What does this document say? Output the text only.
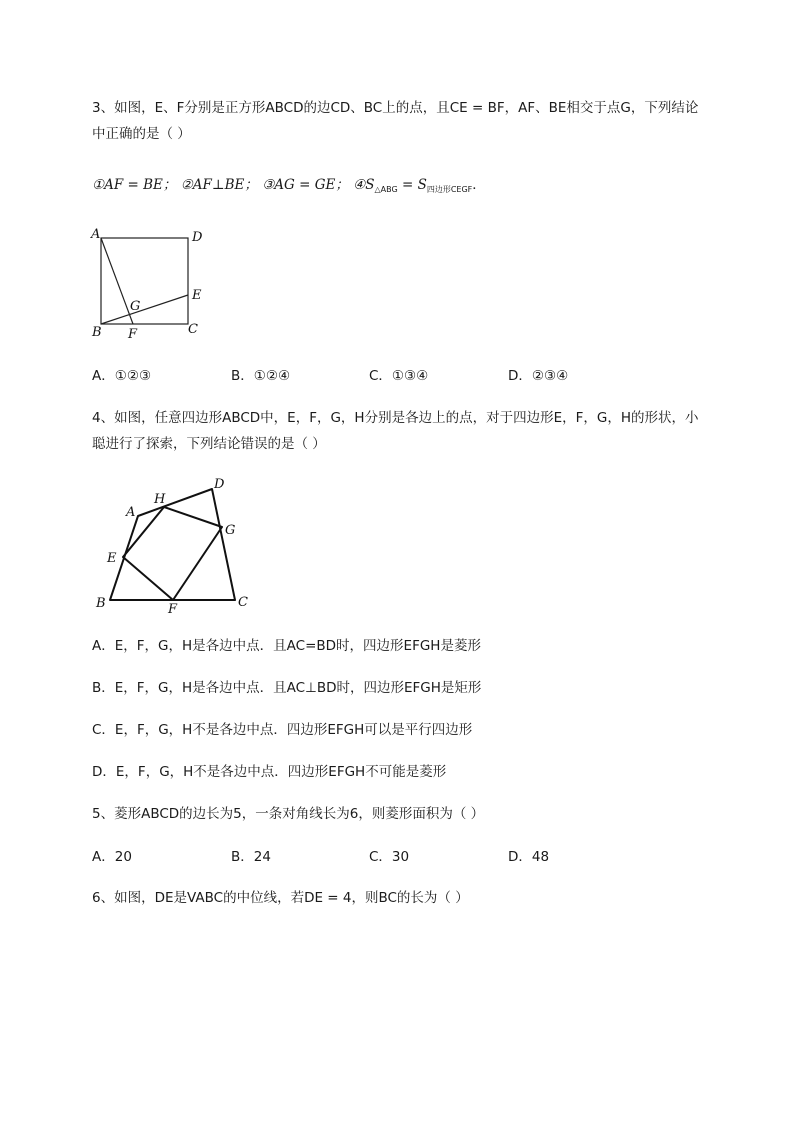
3、如图，E、F分别是正方形ABCD的边CD、BC上的点，且CE = BF，AF、BE相交于点G，下列结论
中正确的是（ ）
①AF = BE； ②AF⊥BE； ③AG = GE； $④S_{\triangle ABG} = S_{四边形CEGF}$．
A	D
E
G
B F	C
A．①②③	B．①②④	C．①③④	D．②③④
4、如图，任意四边形ABCD中，E，F，G，H分别是各边上的点，对于四边形E，F，G，H的形状，小
聪进行了探索，下列结论错误的是（ ）
A
H
D
G
E
B	F	C
A．E，F，G，H是各边中点．且AC=BD时，四边形EFGH是菱形
B．E，F，G，H是各边中点．且AC⊥BD时，四边形EFGH是矩形
C．E，F，G，H不是各边中点．四边形EFGH可以是平行四边形
D．E，F，G，H不是各边中点．四边形EFGH不可能是菱形
5、菱形ABCD的边长为5，一条对角线长为6，则菱形面积为（ ）
A．20	B．24	C．30	D．48
6、如图，DE是VABC的中位线，若DE = 4，则BC的长为（ ）
